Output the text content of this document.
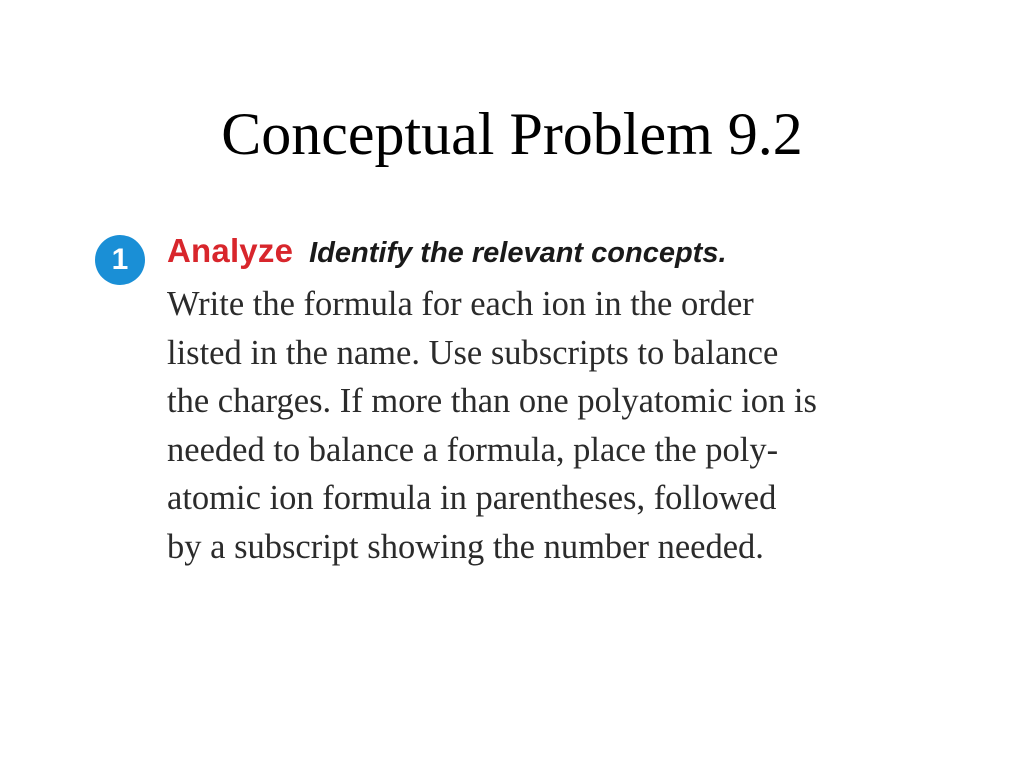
Conceptual Problem 9.2
1	Analyze Identify the relevant concepts.
Write the formula for each ion in the order
listed in the name. Use subscripts to balance
the charges. If more than one polyatomic ion is
needed to balance a formula, place the poly-
atomic ion formula in parentheses, followed
by a subscript showing the number needed.
